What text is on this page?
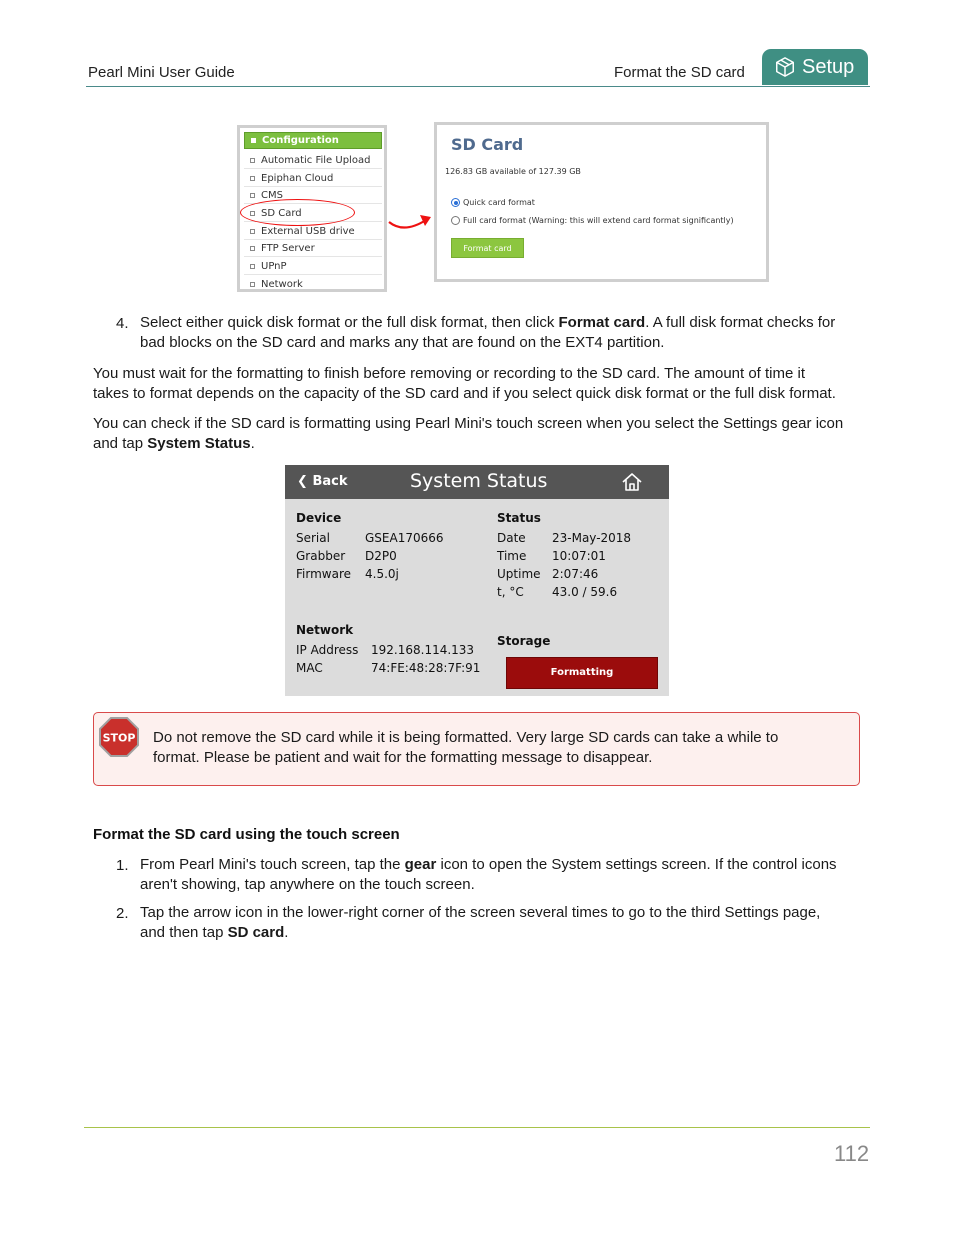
Pearl Mini User Guide	Format the SD card	Setup
Configuration
Automatic File Upload
Epiphan Cloud
CMS
SD Card
External USB drive
FTP Server
UPnP
Network
SD Card
126.83 GB available of 127.39 GB
Quick card format
Full card format (Warning: this will extend card format significantly)
Format card
4. Select either quick disk format or the full disk format, then click Format card. A full disk format checks for
bad blocks on the SD card and marks any that are found on the EXT4 partition.
You must wait for the formatting to finish before removing or recording to the SD card. The amount of time it
takes to format depends on the capacity of the SD card and if you select quick disk format or the full disk format.
You can check if the SD card is formatting using Pearl Mini's touch screen when you select the Settings gear icon
and tap System Status.
❮ Back	System Status
Device
Serial	GSEA170666
Grabber D2P0
Firmware 4.5.0j
Status
Date 23-May-2018
Time 10:07:01
Uptime 2:07:46
t, °C 43.0 / 59.6
Network
IP Address 192.168.114.133
MAC	74:FE:48:28:7F:91
Storage
Formatting
STOP Do not remove the SD card while it is being formatted. Very large SD cards can take a while to
format. Please be patient and wait for the formatting message to disappear.
Format the SD card using the touch screen
1. From Pearl Mini's touch screen, tap the gear icon to open the System settings screen. If the control icons
aren't showing, tap anywhere on the touch screen.
2. Tap the arrow icon in the lower-right corner of the screen several times to go to the third Settings page,
and then tap SD card.
112
